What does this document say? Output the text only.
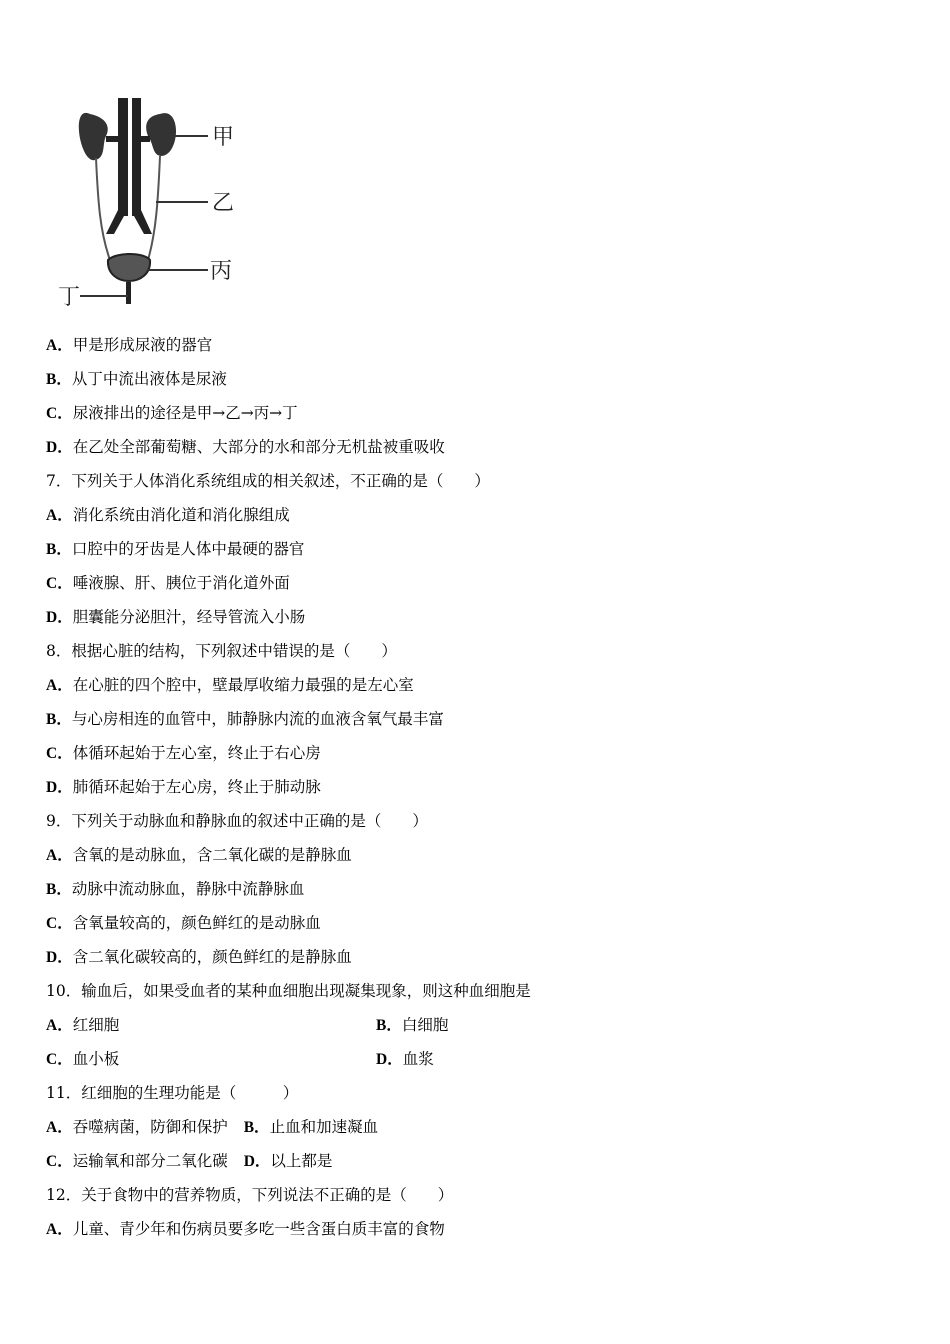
甲
乙
丙
丁
A．甲是形成尿液的器官
B．从丁中流出液体是尿液
C．尿液排出的途径是甲→乙→丙→丁
D．在乙处全部葡萄糖、大部分的水和部分无机盐被重吸收
7．下列关于人体消化系统组成的相关叙述，不正确的是（　　）
A．消化系统由消化道和消化腺组成
B．口腔中的牙齿是人体中最硬的器官
C．唾液腺、肝、胰位于消化道外面
D．胆囊能分泌胆汁，经导管流入小肠
8．根据心脏的结构，下列叙述中错误的是（　　）
A．在心脏的四个腔中，壁最厚收缩力最强的是左心室
B．与心房相连的血管中，肺静脉内流的血液含氧气最丰富
C．体循环起始于左心室，终止于右心房
D．肺循环起始于左心房，终止于肺动脉
9．下列关于动脉血和静脉血的叙述中正确的是（　　）
A．含氧的是动脉血，含二氧化碳的是静脉血
B．动脉中流动脉血，静脉中流静脉血
C．含氧量较高的，颜色鲜红的是动脉血
D．含二氧化碳较高的，颜色鲜红的是静脉血
10．输血后，如果受血者的某种血细胞出现凝集现象，则这种血细胞是
A．红细胞	B．白细胞
C．血小板	D．血浆
11．红细胞的生理功能是（　　　）
A．吞噬病菌，防御和保护 B．止血和加速凝血
C．运输氧和部分二氧化碳 D．以上都是
12．关于食物中的营养物质，下列说法不正确的是（　　）
A．儿童、青少年和伤病员要多吃一些含蛋白质丰富的食物
